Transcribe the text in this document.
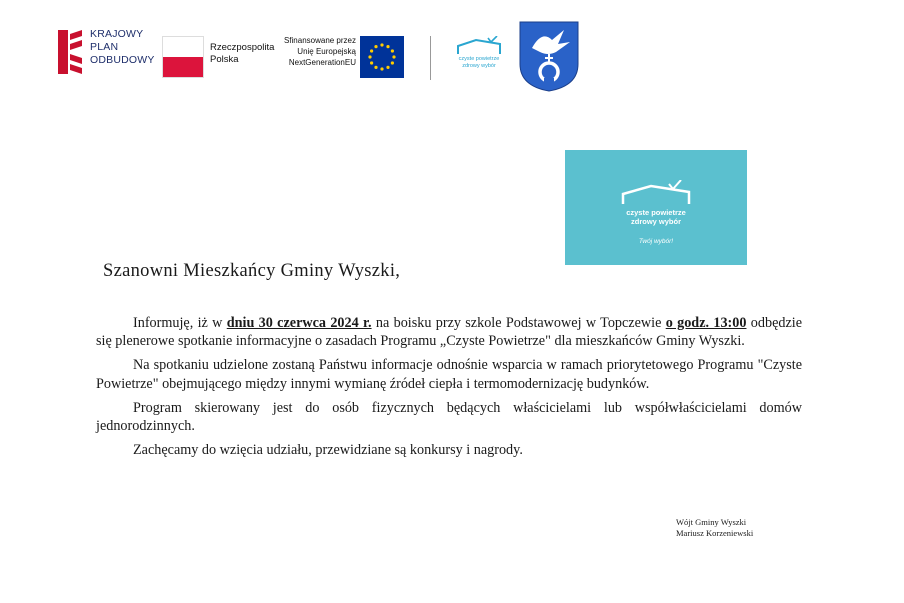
KRAJOWY
PLAN
ODBUDOWY
Rzeczpospolita
Polska
Sfinansowane przez
Unię Europejską
NextGenerationEU	czyste powietrze
zdrowy wybór
czyste powietrze
zdrowy wybór
Twój wybór!
Szanowni Mieszkańcy Gminy Wyszki,

Informuję, iż w dniu 30 czerwca 2024 r. na boisku przy szkole Podstawowej w Topczewie o godz. 13:00 odbędzie się plenerowe spotkanie informacyjne o zasadach Programu „Czyste Powietrze" dla mieszkańców Gminy Wyszki.

Na spotkaniu udzielone zostaną Państwu informacje odnośnie wsparcia w ramach priorytetowego Programu "Czyste Powietrze" obejmującego między innymi wymianę źródeł ciepła i termomodernizację budynków.

Program skierowany jest do osób fizycznych będących właścicielami lub współwłaścicielami domów jednorodzinnych.

Zachęcamy do wzięcia udziału, przewidziane są konkursy i nagrody.

Wójt Gminy Wyszki
Mariusz Korzeniewski
